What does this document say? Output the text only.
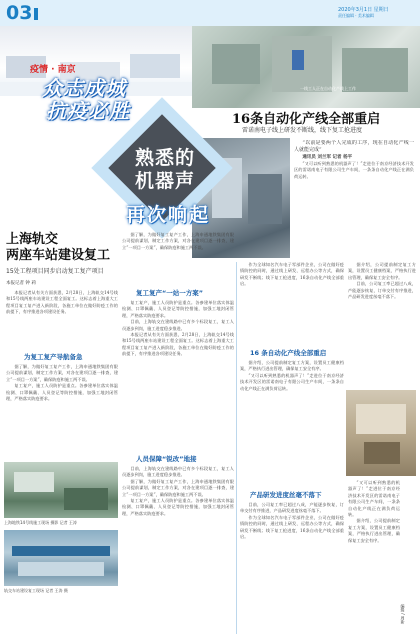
03	2020年3月1日 星期日
责任编辑 · 美术编辑
疫情 · 南京
众志成城
抗疫必胜
一线工人正在自动化产线上工作
16条自动化产线全部重启
雷诺南电子线上研发不断线，线下复工抢进度
熟悉的
机器声
再次响起

“以前是要两个人完成的工序，现在自动化产线一人就能完成”

通讯员 刘兰军 记者 杨平

“又可以听到熟悉的机器声了！”走进位于南京经济技术开发区的雷诺南电子有限公司生产车间，一条条自动化产线正在满负荷运转。

上海轨交
两座车站建设复工
15处工程项目同步启动复工复产项目
本报记者 钟 莉

本报记者从有关方面获悉，2月28日，上海轨交14号线和15号线两座车站建设工程全面复工。这标志着上海重大工程项目复工复产进入新阶段，各施工单位在做好防疫工作的前提下，有序推进各项建设任务。

为复工复产导航备急

据了解，为做好复工复产工作，上海申通地铁集团有限公司提前谋划，制定工作方案，对各在建项目逐一排查，建立“一项目一方案”，确保防疫和施工两不误。

复工复产，施工人员防护是重点。各参建单位落实体温检测、口罩佩戴、人员登记等防控措施，加强工地封闭管理，严格落实防疫要求。

上海地铁14号线施工现场 摄影 记者 王涛
轨交车站建设复工现场 记者 王涛 摄

据了解，为做好复工复产工作，上海申通地铁集团有限公司提前谋划，制定工作方案，对各在建项目逐一排查，建立“一项目一方案”，确保防疫和施工两不误。

复工复产“一站一方案”

复工复产，施工人员防护是重点。各参建单位落实体温检测、口罩佩戴、人员登记等防控措施，加强工地封闭管理，严格落实防疫要求。

目前，上海轨交在建线路中已有多个标段复工，复工人员逐步到岗，施工进度稳步推进。

本报记者从有关方面获悉，2月28日，上海轨交14号线和15号线两座车站建设工程全面复工。这标志着上海重大工程项目复工复产进入新阶段，各施工单位在做好防疫工作的前提下，有序推进各项建设任务。

人员保障“锐改”地接

目前，上海轨交在建线路中已有多个标段复工，复工人员逐步到岗，施工进度稳步推进。

据了解，为做好复工复产工作，上海申通地铁集团有限公司提前谋划，制定工作方案，对各在建项目逐一排查，建立“一项目一方案”，确保防疫和施工两不误。

复工复产，施工人员防护是重点。各参建单位落实体温检测、口罩佩戴、人员登记等防控措施，加强工地封闭管理，严格落实防疫要求。

作为全球知名汽车电子零部件企业，公司在做好疫情防控的同时，通过线上研发、远程办公等方式，确保研发不断线；线下复工抢进度，16条自动化产线全部重启。

16 条自动化产线全部重启

据介绍，公司提前制定复工方案，设置员工健康档案，严格执行进出管理，确保复工安全有序。

“又可以听到熟悉的机器声了！”走进位于南京经济技术开发区的雷诺南电子有限公司生产车间，一条条自动化产线正在满负荷运转。

产品研发进度丝毫不落下

目前，公司复工率已超过八成，产能逐步恢复，订单交付有序推进，产品研发进度丝毫不落下。

作为全球知名汽车电子零部件企业，公司在做好疫情防控的同时，通过线上研发、远程办公等方式，确保研发不断线；线下复工抢进度，16条自动化产线全部重启。

据介绍，公司提前制定复工方案，设置员工健康档案，严格执行进出管理，确保复工安全有序。

目前，公司复工率已超过八成，产能逐步恢复，订单交付有序推进，产品研发进度丝毫不落下。

“又可以听到熟悉的机器声了！”走进位于南京经济技术开发区的雷诺南电子有限公司生产车间，一条条自动化产线正在满负荷运转。

据介绍，公司提前制定复工方案，设置员工健康档案，严格执行进出管理，确保复工安全有序。

编辑 / 周新
